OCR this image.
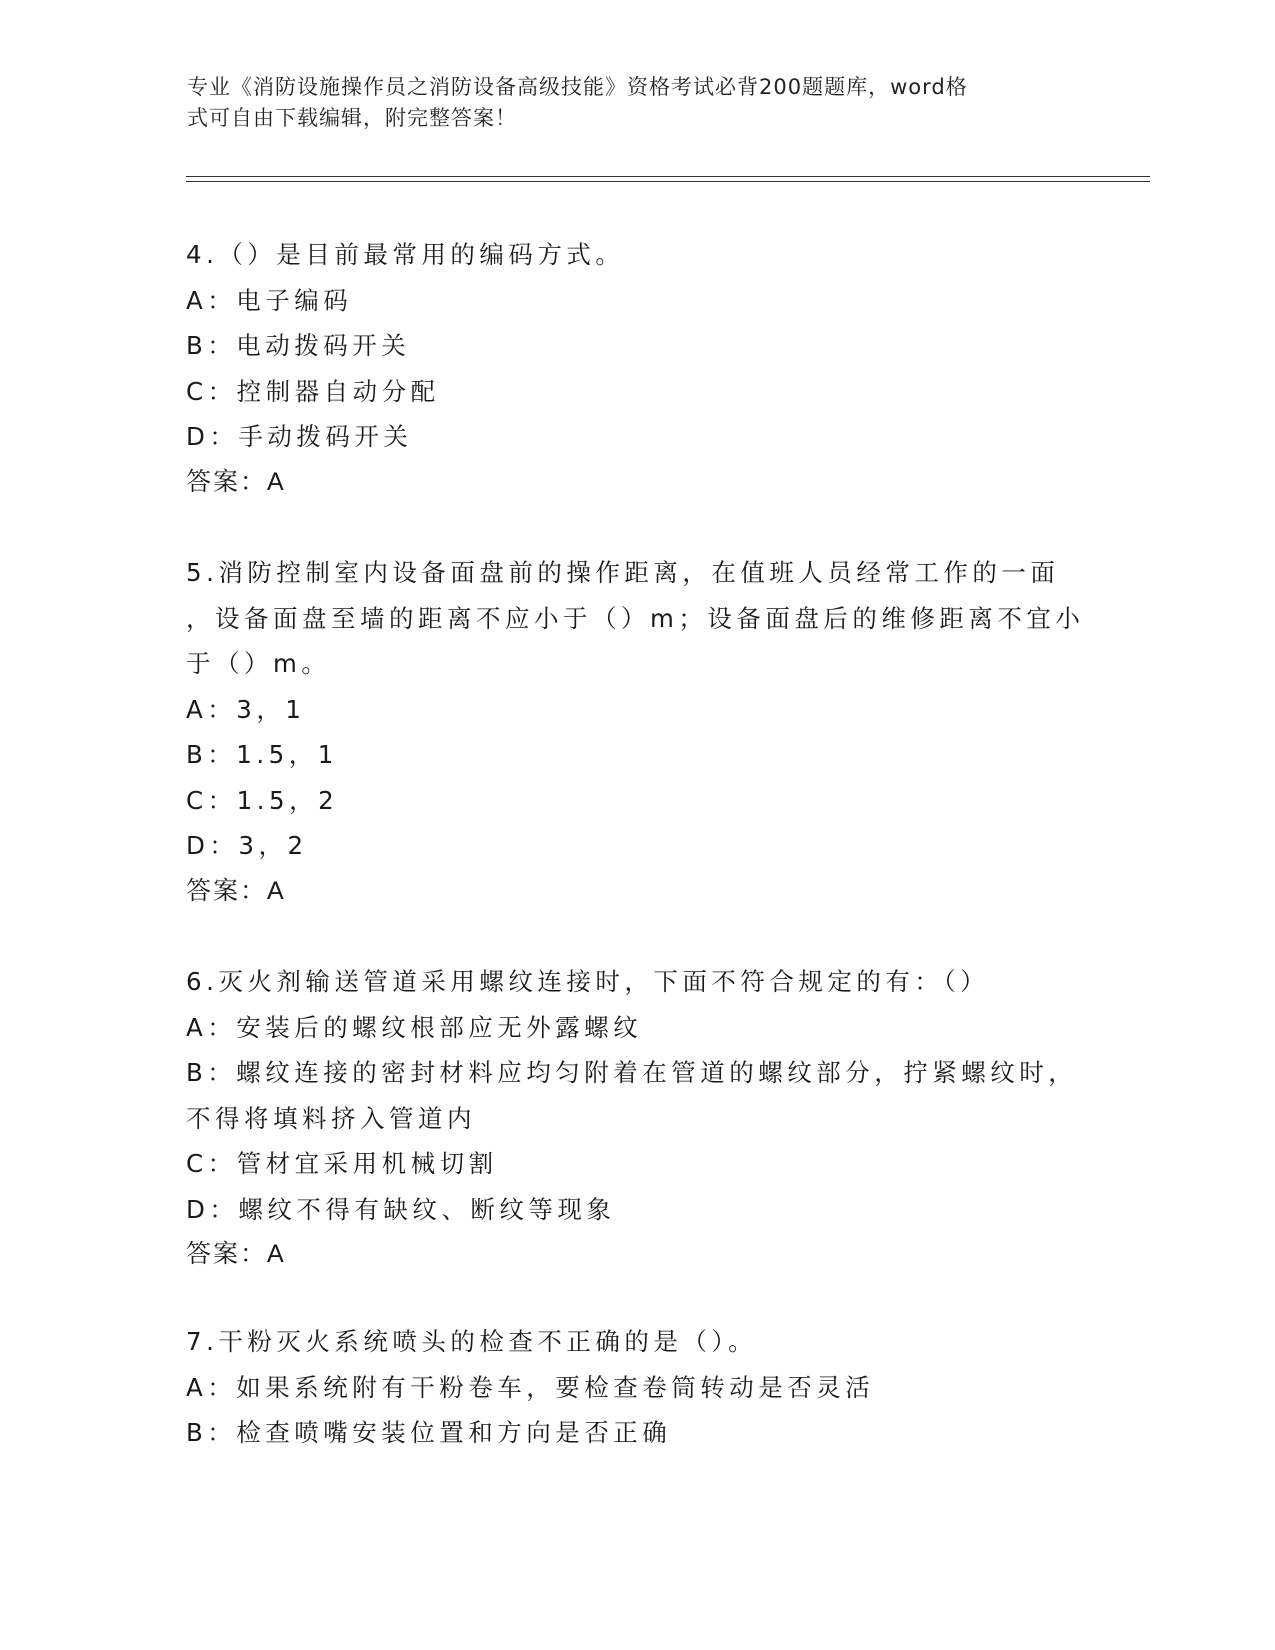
专业《消防设施操作员之消防设备高级技能》资格考试必背200题题库，word格
式可自由下载编辑，附完整答案！
4.（）是目前最常用的编码方式。
A：电子编码
B：电动拨码开关
C：控制器自动分配
D：手动拨码开关
答案：A
5.消防控制室内设备面盘前的操作距离，在值班人员经常工作的一面
，设备面盘至墙的距离不应小于（）m；设备面盘后的维修距离不宜小
于（）m。
A：3，1
B：1.5，1
C：1.5，2
D：3，2
答案：A
6.灭火剂输送管道采用螺纹连接时，下面不符合规定的有：（）
A：安装后的螺纹根部应无外露螺纹
B：螺纹连接的密封材料应均匀附着在管道的螺纹部分，拧紧螺纹时，
不得将填料挤入管道内
C：管材宜采用机械切割
D：螺纹不得有缺纹、断纹等现象
答案：A
7.干粉灭火系统喷头的检查不正确的是（）。
A：如果系统附有干粉卷车，要检查卷筒转动是否灵活
B：检查喷嘴安装位置和方向是否正确
